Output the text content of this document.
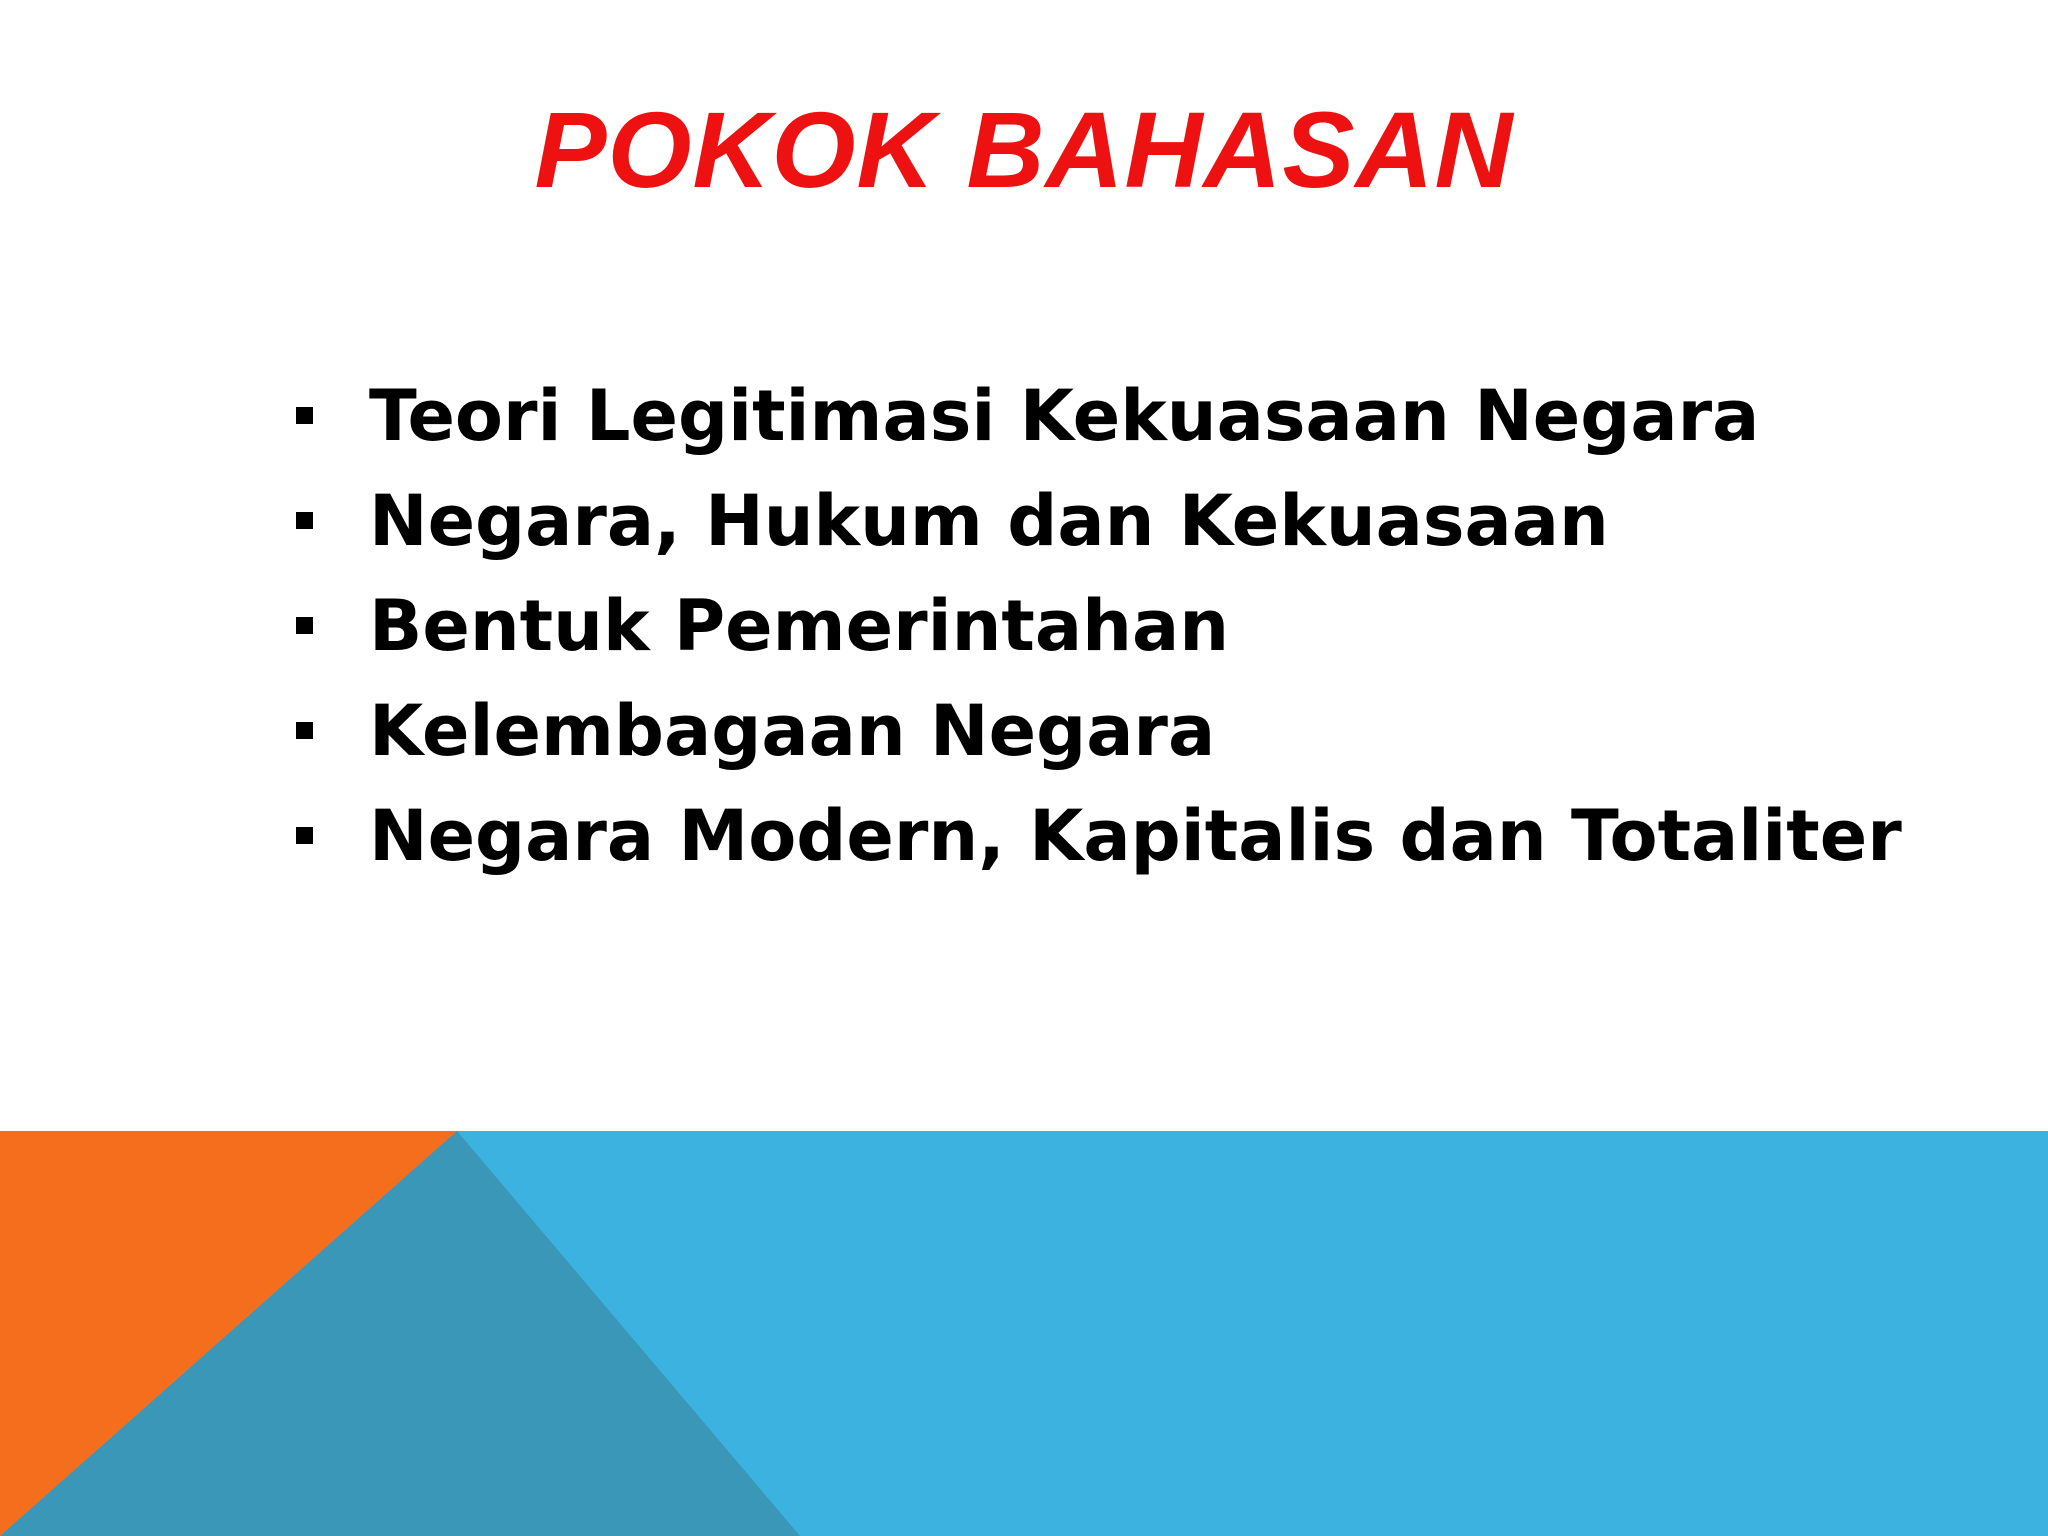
POKOK BAHASAN
Teori Legitimasi Kekuasaan Negara
Negara, Hukum dan Kekuasaan
Bentuk Pemerintahan
Kelembagaan Negara
Negara Modern, Kapitalis dan Totaliter
